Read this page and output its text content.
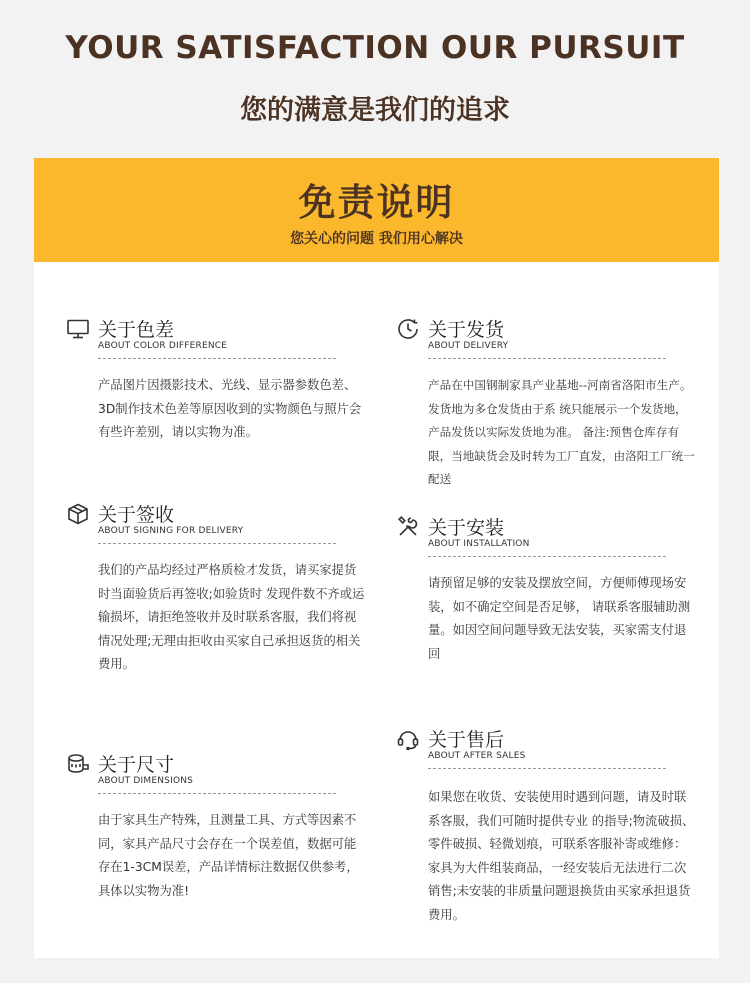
YOUR SATISFACTION OUR PURSUIT
您的满意是我们的追求
免责说明
您关心的问题 我们用心解决
关于色差
ABOUT COLOR DIFFERENCE
产品图片因摄影技术、光线、显示器参数色差、3D制作技术色差等原因收到的实物颜色与照片会有些许差别，请以实物为准。
关于发货
ABOUT DELIVERY
产品在中国钢制家具产业基地--河南省洛阳市生产。发货地为多仓发货由于系 统只能展示一个发货地，产品发货以实际发货地为准。 备注:预售仓库存有限，当地缺货会及时转为工厂直发，由洛阳工厂统一配送
关于签收
ABOUT SIGNING FOR DELIVERY
我们的产品均经过严格质检才发货，请买家提货时当面验货后再签收;如验货时 发现件数不齐或运输损坏，请拒绝签收并及时联系客服，我们将视情况处理;无理由拒收由买家自己承担返货的相关费用。
关于安装
ABOUT INSTALLATION
请预留足够的安装及摆放空间，方便师傅现场安装，如不确定空间是否足够， 请联系客服辅助测量。如因空间问题导致无法安装，买家需支付退回
关于尺寸
ABOUT DIMENSIONS
由于家具生产特殊，且测量工具、方式等因素不同，家具产品尺寸会存在一个误差值，数据可能存在1-3CM误差，产品详情标注数据仅供参考，具体以实物为准!
关于售后
ABOUT AFTER SALES
如果您在收货、安装使用时遇到问题，请及时联系客服，我们可随时提供专业 的指导;物流破损、零件破损、轻微划痕，可联系客服补寄或维修：家具为大件组装商品，一经安装后无法进行二次销售;未安装的非质量问题退换货由买家承担退货费用。
